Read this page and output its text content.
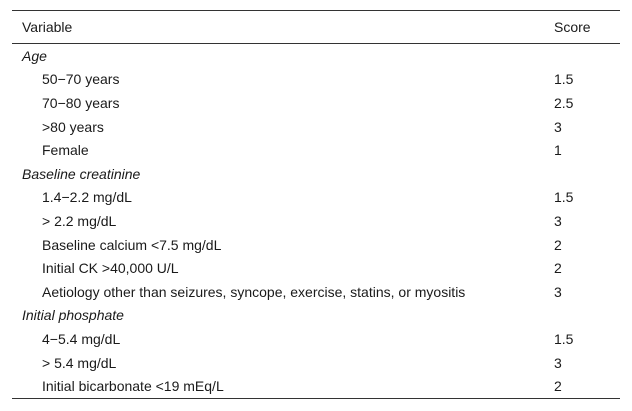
Variable	Score
Age	
50−70 years	1.5
70−80 years	2.5
>80 years	3
Female	1
Baseline creatinine	
1.4−2.2 mg/dL	1.5
> 2.2 mg/dL	3
Baseline calcium <7.5 mg/dL	2
Initial CK >40,000 U/L	2
Aetiology other than seizures, syncope, exercise, statins, or myositis	3
Initial phosphate	
4−5.4 mg/dL	1.5
> 5.4 mg/dL	3
Initial bicarbonate <19 mEq/L	2
